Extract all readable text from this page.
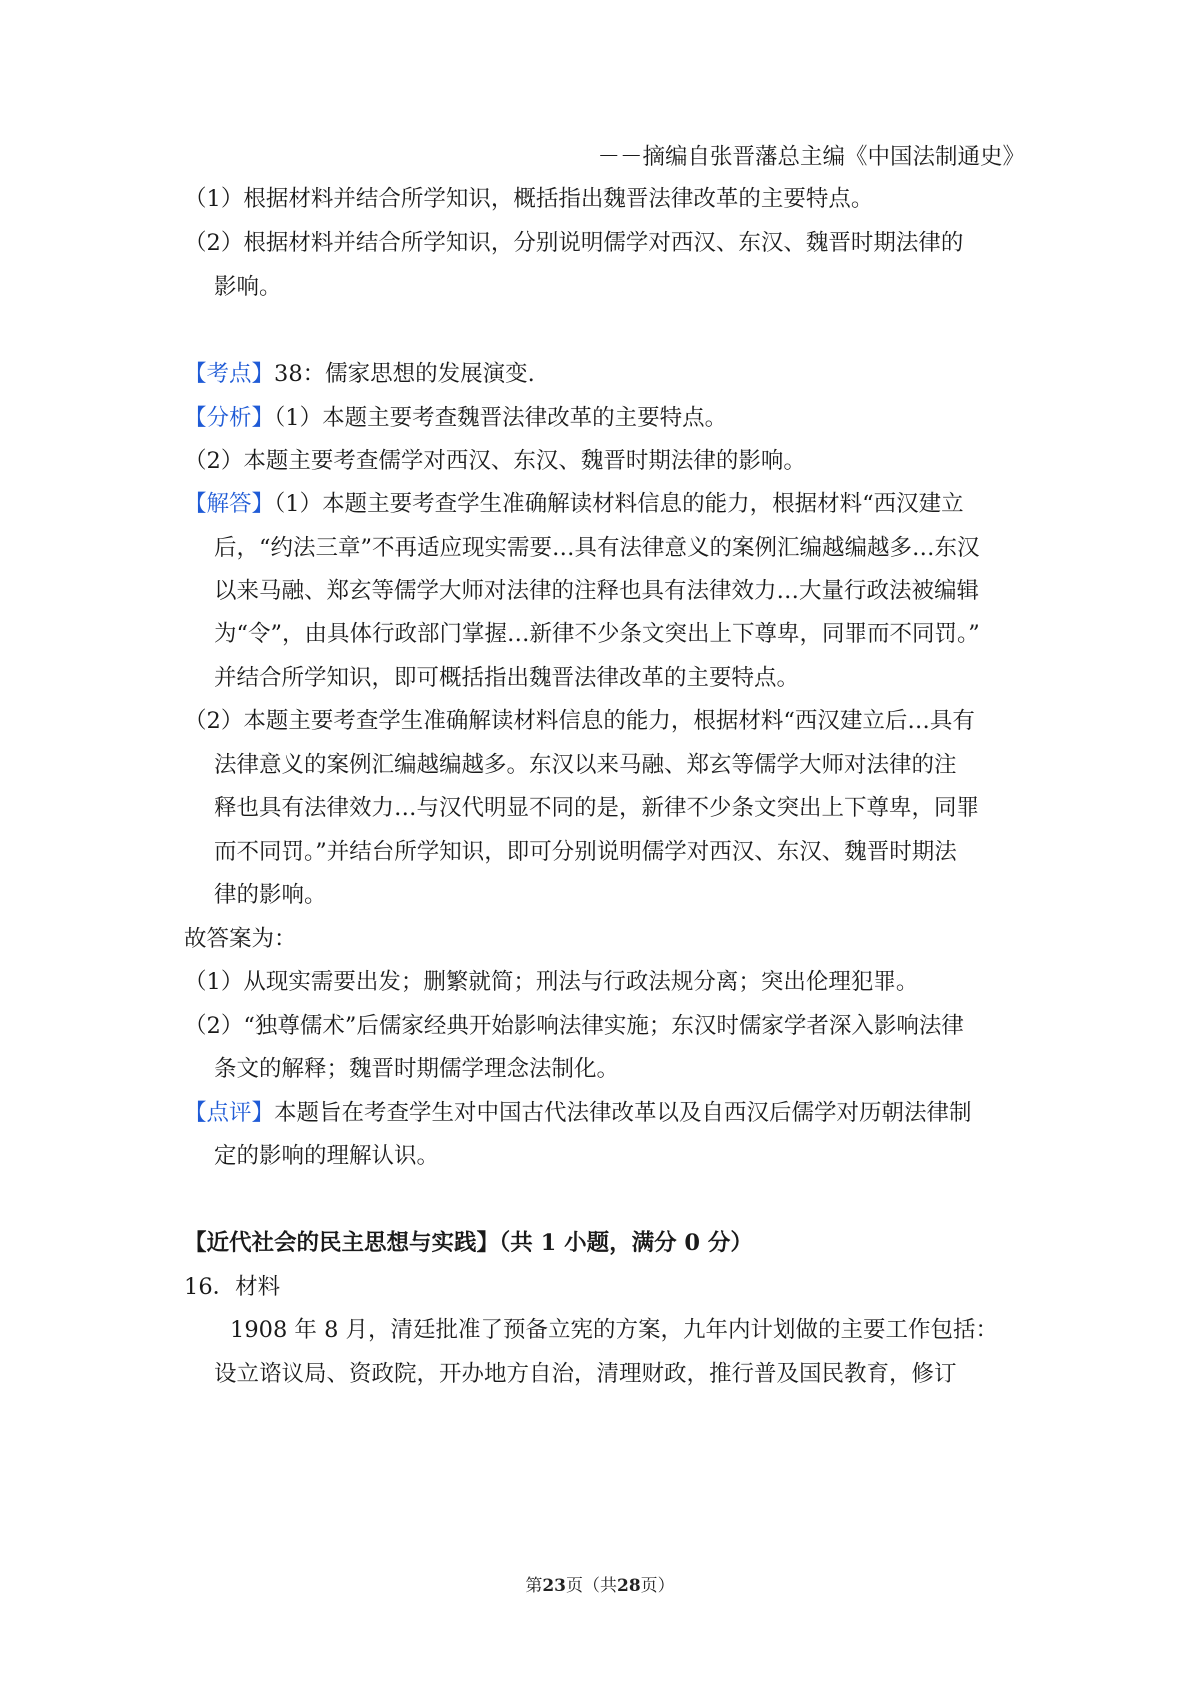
－－摘编自张晋藩总主编《中国法制通史》
（1）根据材料并结合所学知识，概括指出魏晋法律改革的主要特点。
（2）根据材料并结合所学知识，分别说明儒学对西汉、东汉、魏晋时期法律的
影响。
【考点】38：儒家思想的发展演变.
【分析】（1）本题主要考查魏晋法律改革的主要特点。
（2）本题主要考查儒学对西汉、东汉、魏晋时期法律的影响。
【解答】（1）本题主要考查学生准确解读材料信息的能力，根据材料“西汉建立
后，“约法三章”不再适应现实需要…具有法律意义的案例汇编越编越多…东汉
以来马融、郑玄等儒学大师对法律的注释也具有法律效力…大量行政法被编辑
为“令”，由具体行政部门掌握…新律不少条文突出上下尊卑，同罪而不同罚。”
并结合所学知识，即可概括指出魏晋法律改革的主要特点。
（2）本题主要考查学生准确解读材料信息的能力，根据材料“西汉建立后…具有
法律意义的案例汇编越编越多。东汉以来马融、郑玄等儒学大师对法律的注
释也具有法律效力…与汉代明显不同的是，新律不少条文突出上下尊卑，同罪
而不同罚。”并结台所学知识，即可分别说明儒学对西汉、东汉、魏晋时期法
律的影响。
故答案为：
（1）从现实需要出发；删繁就简；刑法与行政法规分离；突出伦理犯罪。
（2）“独尊儒术”后儒家经典开始影响法律实施；东汉时儒家学者深入影响法律
条文的解释；魏晋时期儒学理念法制化。
【点评】本题旨在考查学生对中国古代法律改革以及自西汉后儒学对历朝法律制
定的影响的理解认识。
【近代社会的民主思想与实践】（共 1 小题，满分 0 分）
16．材料
1908 年 8 月，清廷批准了预备立宪的方案，九年内计划做的主要工作包括：
设立谘议局、资政院，开办地方自治，清理财政，推行普及国民教育，修订
第23页（共28页）
